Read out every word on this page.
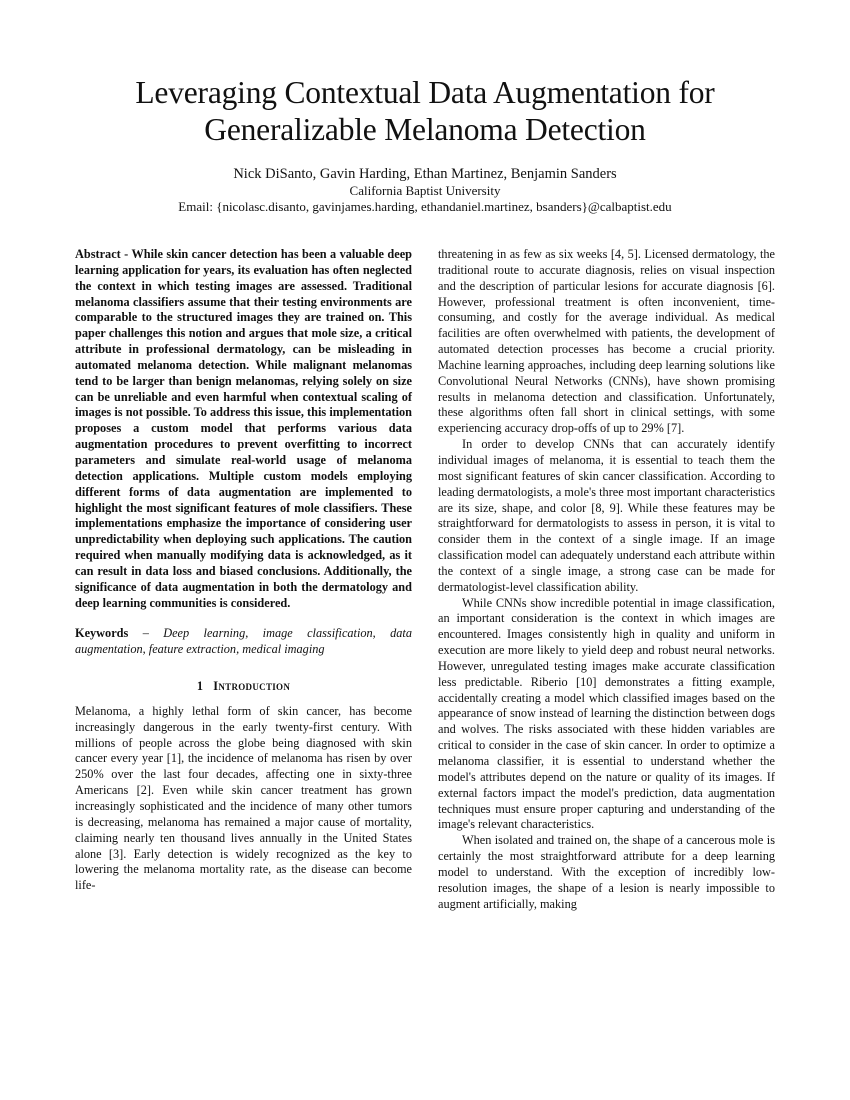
Leveraging Contextual Data Augmentation for
Generalizable Melanoma Detection
Nick DiSanto, Gavin Harding, Ethan Martinez, Benjamin Sanders
California Baptist University
Email: {nicolasc.disanto, gavinjames.harding, ethandaniel.martinez, bsanders}@calbaptist.edu

Abstract - While skin cancer detection has been a valuable deep learning application for years, its evaluation has often neglected the context in which testing images are assessed. Traditional melanoma classifiers assume that their testing environments are comparable to the structured images they are trained on. This paper challenges this notion and argues that mole size, a critical attribute in professional dermatology, can be misleading in automated melanoma detection. While malignant melanomas tend to be larger than benign melanomas, relying solely on size can be unreliable and even harmful when contextual scaling of images is not possible. To address this issue, this implementation proposes a custom model that performs various data augmentation procedures to prevent overfitting to incorrect parameters and simulate real-world usage of melanoma detection applications. Multiple custom models employing different forms of data augmentation are implemented to highlight the most significant features of mole classifiers. These implementations emphasize the importance of considering user unpredictability when deploying such applications. The caution required when manually modifying data is acknowledged, as it can result in data loss and biased conclusions. Additionally, the significance of data augmentation in both the dermatology and deep learning communities is considered.

Keywords – Deep learning, image classification, data augmentation, feature extraction, medical imaging

1 Introduction

Melanoma, a highly lethal form of skin cancer, has become increasingly dangerous in the early twenty-first century. With millions of people across the globe being diagnosed with skin cancer every year [1], the incidence of melanoma has risen by over 250% over the last four decades, affecting one in sixty-three Americans [2]. Even while skin cancer treatment has grown increasingly sophisticated and the incidence of many other tumors is decreasing, melanoma has remained a major cause of mortality, claiming nearly ten thousand lives annually in the United States alone [3]. Early detection is widely recognized as the key to lowering the melanoma mortality rate, as the disease can become life-

threatening in as few as six weeks [4, 5]. Licensed dermatology, the traditional route to accurate diagnosis, relies on visual inspection and the description of particular lesions for accurate diagnosis [6]. However, professional treatment is often inconvenient, time-consuming, and costly for the average individual. As medical facilities are often overwhelmed with patients, the development of automated detection processes has become a crucial priority. Machine learning approaches, including deep learning solutions like Convolutional Neural Networks (CNNs), have shown promising results in melanoma detection and classification. Unfortunately, these algorithms often fall short in clinical settings, with some experiencing accuracy drop-offs of up to 29% [7].

In order to develop CNNs that can accurately identify individual images of melanoma, it is essential to teach them the most significant features of skin cancer classification. According to leading dermatologists, a mole's three most important characteristics are its size, shape, and color [8, 9]. While these features may be straightforward for dermatologists to assess in person, it is vital to consider them in the context of a single image. If an image classification model can adequately understand each attribute within the context of a single image, a strong case can be made for dermatologist-level classification ability.

While CNNs show incredible potential in image classification, an important consideration is the context in which images are encountered. Images consistently high in quality and uniform in execution are more likely to yield deep and robust neural networks. However, unregulated testing images make accurate classification less predictable. Riberio [10] demonstrates a fitting example, accidentally creating a model which classified images based on the appearance of snow instead of learning the distinction between dogs and wolves. The risks associated with these hidden variables are critical to consider in the case of skin cancer. In order to optimize a melanoma classifier, it is essential to understand whether the model's attributes depend on the nature or quality of its images. If external factors impact the model's prediction, data augmentation techniques must ensure proper capturing and understanding of the image's relevant characteristics.

When isolated and trained on, the shape of a cancerous mole is certainly the most straightforward attribute for a deep learning model to understand. With the exception of incredibly low-resolution images, the shape of a lesion is nearly impossible to augment artificially, making
